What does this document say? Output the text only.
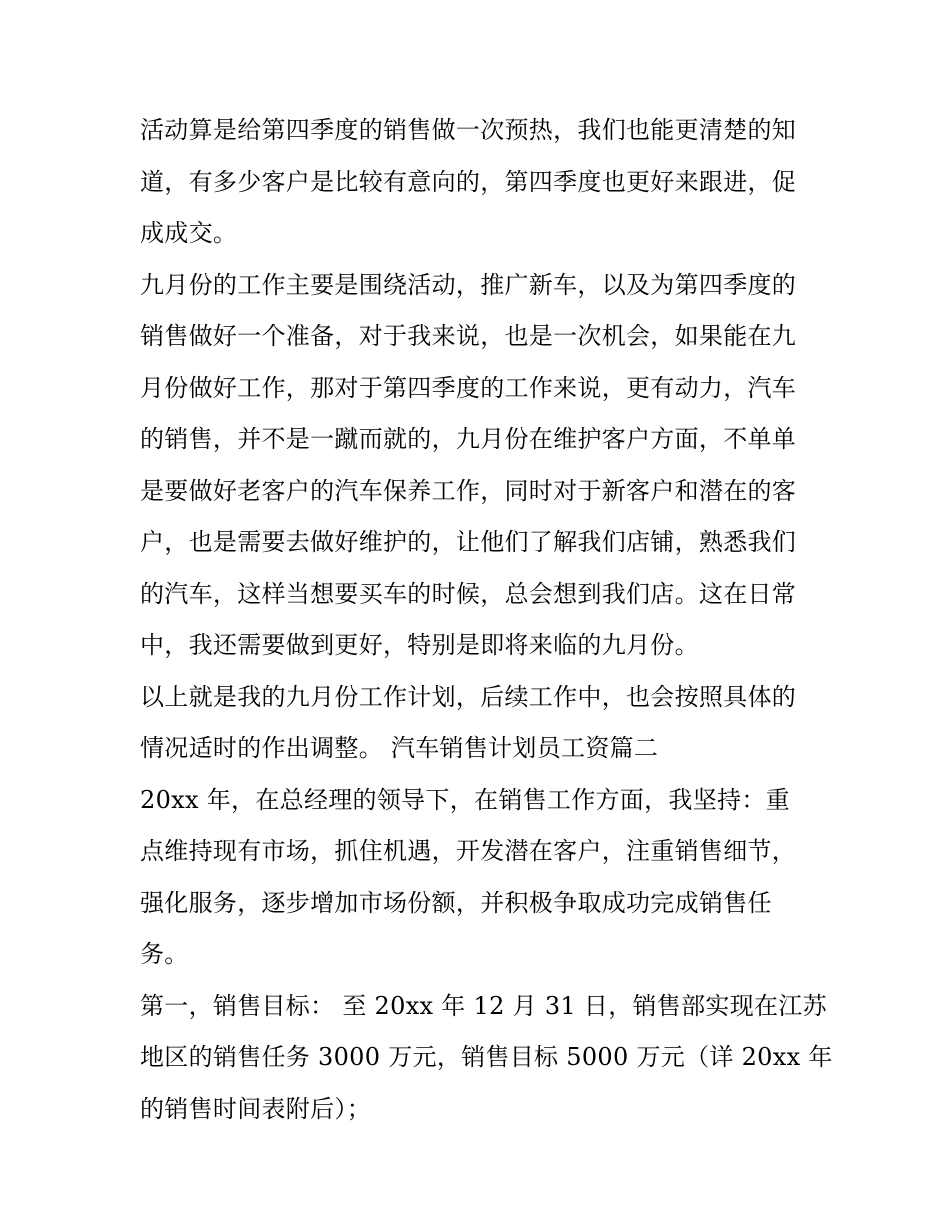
活动算是给第四季度的销售做一次预热，我们也能更清楚的知
道，有多少客户是比较有意向的，第四季度也更好来跟进，促
成成交。

九月份的工作主要是围绕活动，推广新车，以及为第四季度的
销售做好一个准备，对于我来说，也是一次机会，如果能在九
月份做好工作，那对于第四季度的工作来说，更有动力，汽车
的销售，并不是一蹴而就的，九月份在维护客户方面，不单单
是要做好老客户的汽车保养工作，同时对于新客户和潜在的客
户，也是需要去做好维护的，让他们了解我们店铺，熟悉我们
的汽车，这样当想要买车的时候，总会想到我们店。这在日常
中，我还需要做到更好，特别是即将来临的九月份。

以上就是我的九月份工作计划，后续工作中，也会按照具体的
情况适时的作出调整。 汽车销售计划员工资篇二

20xx 年，在总经理的领导下，在销售工作方面，我坚持：重
点维持现有市场，抓住机遇，开发潜在客户，注重销售细节，
强化服务，逐步增加市场份额，并积极争取成功完成销售任
务。

第一，销售目标： 至 20xx 年 12 月 31 日，销售部实现在江苏
地区的销售任务 3000 万元，销售目标 5000 万元（详 20xx 年
的销售时间表附后）；
